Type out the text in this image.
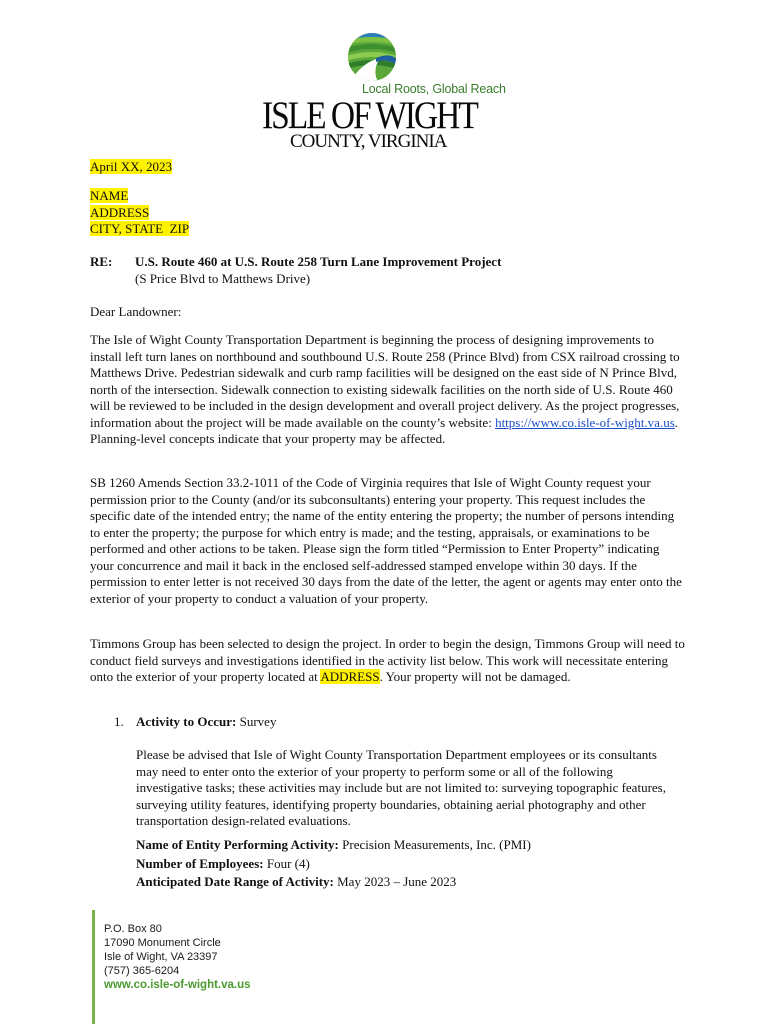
Local Roots, Global Reach
ISLE OF WIGHT
COUNTY, VIRGINIA

April XX, 2023

NAME
ADDRESS
CITY, STATE  ZIP
RE: U.S. Route 460 at U.S. Route 258 Turn Lane Improvement Project
(S Price Blvd to Matthews Drive)

Dear Landowner:

The Isle of Wight County Transportation Department is beginning the process of designing improvements to install left turn lanes on northbound and southbound U.S. Route 258 (Prince Blvd) from CSX railroad crossing to Matthews Drive. Pedestrian sidewalk and curb ramp facilities will be designed on the east side of N Prince Blvd, north of the intersection. Sidewalk connection to existing sidewalk facilities on the north side of U.S. Route 460 will be reviewed to be included in the design development and overall project delivery. As the project progresses, information about the project will be made available on the county’s website: https://www.co.isle-of-wight.va.us. Planning-level concepts indicate that your property may be affected.

SB 1260 Amends Section 33.2-1011 of the Code of Virginia requires that Isle of Wight County request your permission prior to the County (and/or its subconsultants) entering your property. This request includes the specific date of the intended entry; the name of the entity entering the property; the number of persons intending to enter the property; the purpose for which entry is made; and the testing, appraisals, or examinations to be performed and other actions to be taken. Please sign the form titled “Permission to Enter Property” indicating your concurrence and mail it back in the enclosed self-addressed stamped envelope within 30 days. If the permission to enter letter is not received 30 days from the date of the letter, the agent or agents may enter onto the exterior of your property to conduct a valuation of your property.

Timmons Group has been selected to design the project. In order to begin the design, Timmons Group will need to conduct field surveys and investigations identified in the activity list below. This work will necessitate entering onto the exterior of your property located at ADDRESS. Your property will not be damaged.

1. Activity to Occur: Survey

Please be advised that Isle of Wight County Transportation Department employees or its consultants may need to enter onto the exterior of your property to perform some or all of the following investigative tasks; these activities may include but are not limited to: surveying topographic features, surveying utility features, identifying property boundaries, obtaining aerial photography and other transportation design-related evaluations.

Name of Entity Performing Activity: Precision Measurements, Inc. (PMI)
Number of Employees: Four (4)
Anticipated Date Range of Activity: May 2023 – June 2023
P.O. Box 80
17090 Monument Circle
Isle of Wight, VA 23397
(757) 365-6204
www.co.isle-of-wight.va.us
